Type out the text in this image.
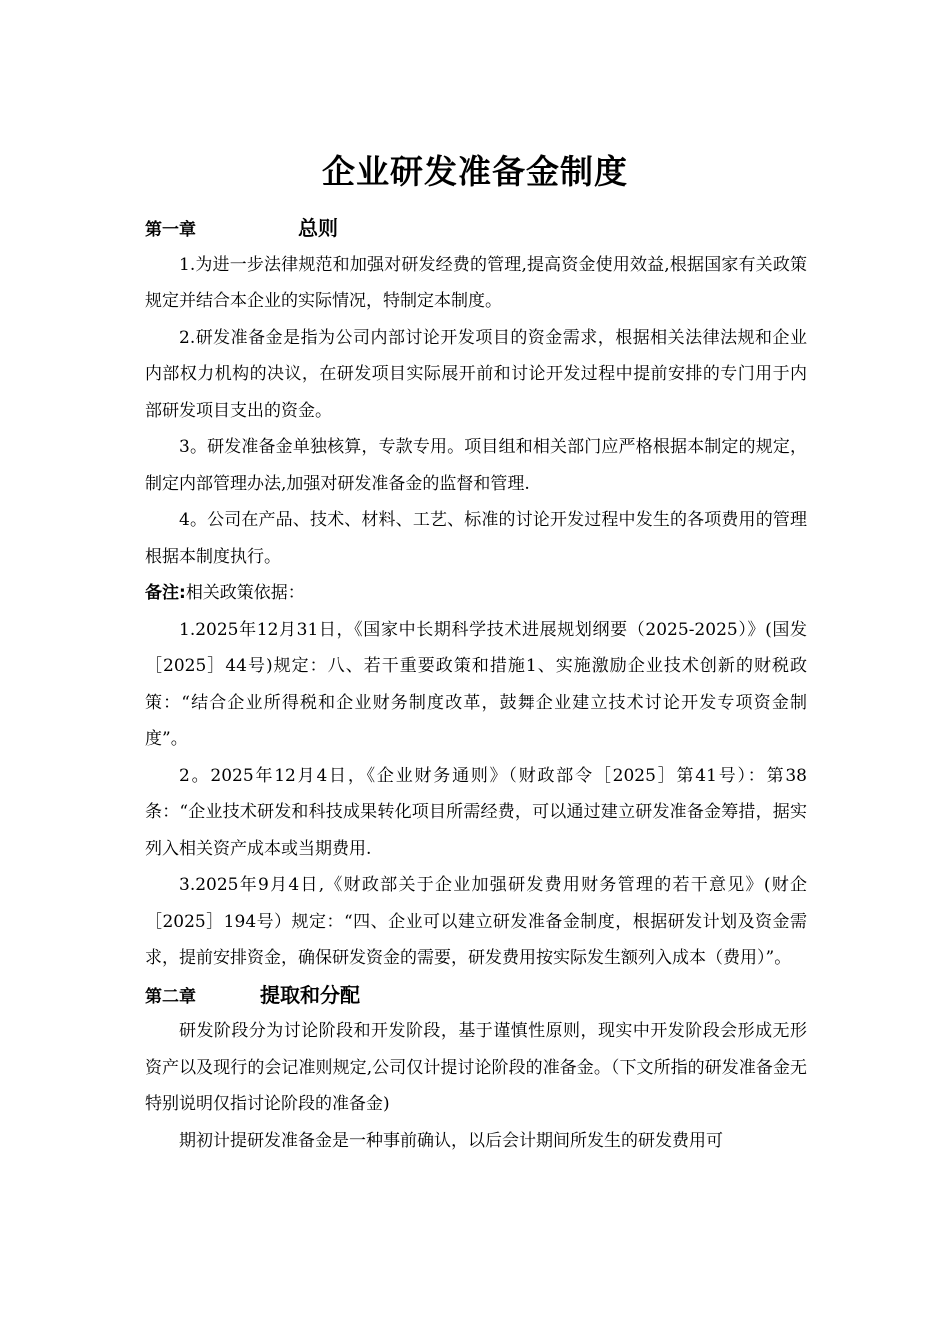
企业研发准备金制度
第一章	总则

1.为进一步法律规范和加强对研发经费的管理,提高资金使用效益,根据国家有关政策规定并结合本企业的实际情况，特制定本制度。

2.研发准备金是指为公司内部讨论开发项目的资金需求，根据相关法律法规和企业内部权力机构的决议，在研发项目实际展开前和讨论开发过程中提前安排的专门用于内部研发项目支出的资金。

3。研发准备金单独核算，专款专用。项目组和相关部门应严格根据本制定的规定，制定内部管理办法,加强对研发准备金的监督和管理.

4。公司在产品、技术、材料、工艺、标准的讨论开发过程中发生的各项费用的管理根据本制度执行。

备注:相关政策依据：

1.2025年12月31日，《国家中长期科学技术进展规划纲要（2025-2025）》(国发［2025］44号)规定：八、若干重要政策和措施1、实施激励企业技术创新的财税政策：“结合企业所得税和企业财务制度改革，鼓舞企业建立技术讨论开发专项资金制度”。

2。2025年12月4日，《企业财务通则》（财政部令［2025］第41号）：第38条：“企业技术研发和科技成果转化项目所需经费，可以通过建立研发准备金筹措，据实列入相关资产成本或当期费用.

3.2025年9月4日,《财政部关于企业加强研发费用财务管理的若干意见》(财企［2025］194号）规定：“四、企业可以建立研发准备金制度，根据研发计划及资金需求，提前安排资金，确保研发资金的需要，研发费用按实际发生额列入成本（费用）”。

第二章	提取和分配

研发阶段分为讨论阶段和开发阶段，基于谨慎性原则，现实中开发阶段会形成无形资产以及现行的会记准则规定,公司仅计提讨论阶段的准备金。（下文所指的研发准备金无特别说明仅指讨论阶段的准备金)

期初计提研发准备金是一种事前确认，以后会计期间所发生的研发费用可
